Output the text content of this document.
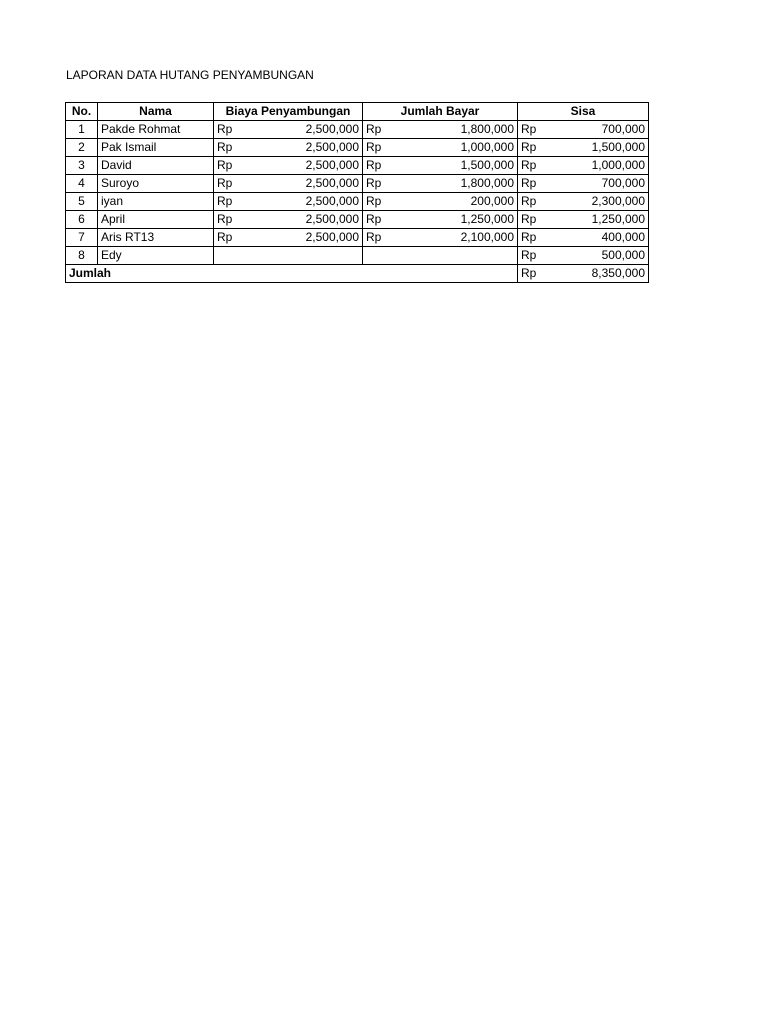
LAPORAN DATA HUTANG PENYAMBUNGAN
No.	Nama	Biaya Penyambungan	Jumlah Bayar	Sisa
1	Pakde Rohmat	Rp 2,500,000	Rp 1,800,000	Rp 700,000

2	Pak Ismail	Rp 2,500,000	Rp 1,000,000	Rp 1,500,000

3	David	Rp 2,500,000	Rp 1,500,000	Rp 1,000,000

4	Suroyo	Rp 2,500,000	Rp 1,800,000	Rp 700,000

5	iyan	Rp 2,500,000	Rp 200,000	Rp 2,300,000

6	April	Rp 2,500,000	Rp 1,250,000	Rp 1,250,000

7	Aris RT13	Rp 2,500,000	Rp 2,100,000	Rp 400,000

8	Edy			Rp 500,000

Jumlah				Rp 8,350,000
